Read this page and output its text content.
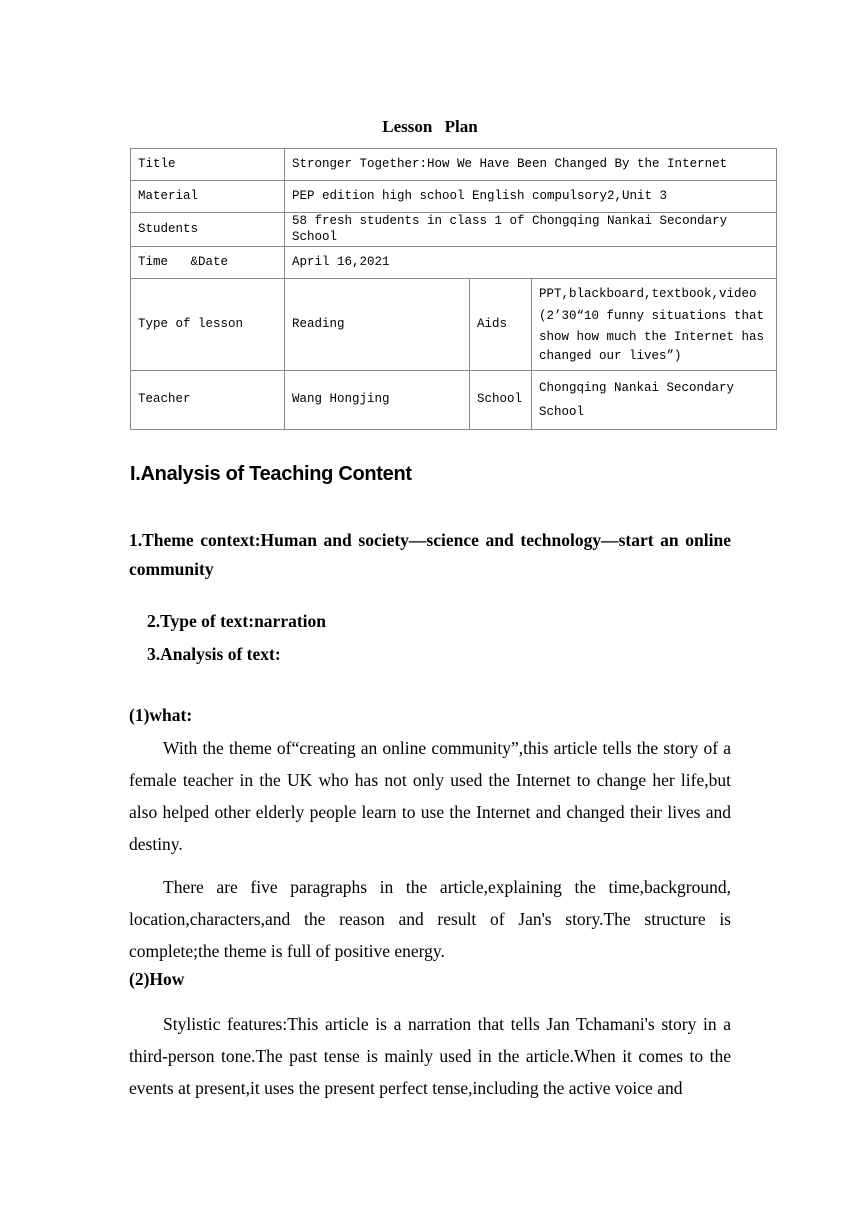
Lesson Plan
Title	Stronger Together:How We Have Been Changed By the Internet		
Material	PEP edition high school English compulsory2,Unit 3		
Students	58 fresh students in class 1 of Chongqing Nankai Secondary School		
Time   &Date	April 16,2021		
Type of lesson	Reading	Aids	PPT,blackboard,textbook,video
(2’30“10 funny situations that
show how much the Internet has
changed our lives”)

Teacher	Wang Hongjing	School	Chongqing Nankai Secondary School
I.Analysis of Teaching Content
1.Theme context:Human and society—science and technology—start an online community
2.Type of text:narration
3.Analysis of text:
(1)what:
With the theme of“creating an online community”,this article tells the story of a female teacher in the UK who has not only used the Internet to change her life,but also helped other elderly people learn to use the Internet and changed their lives and destiny.
There are five paragraphs in the article,explaining the time,background, location,characters,and the reason and result of Jan's story.The structure is complete;the theme is full of positive energy.
(2)How
Stylistic features:This article is a narration that tells Jan Tchamani's story in a third-person tone.The past tense is mainly used in the article.When it comes to the events at present,it uses the present perfect tense,including the active voice and
